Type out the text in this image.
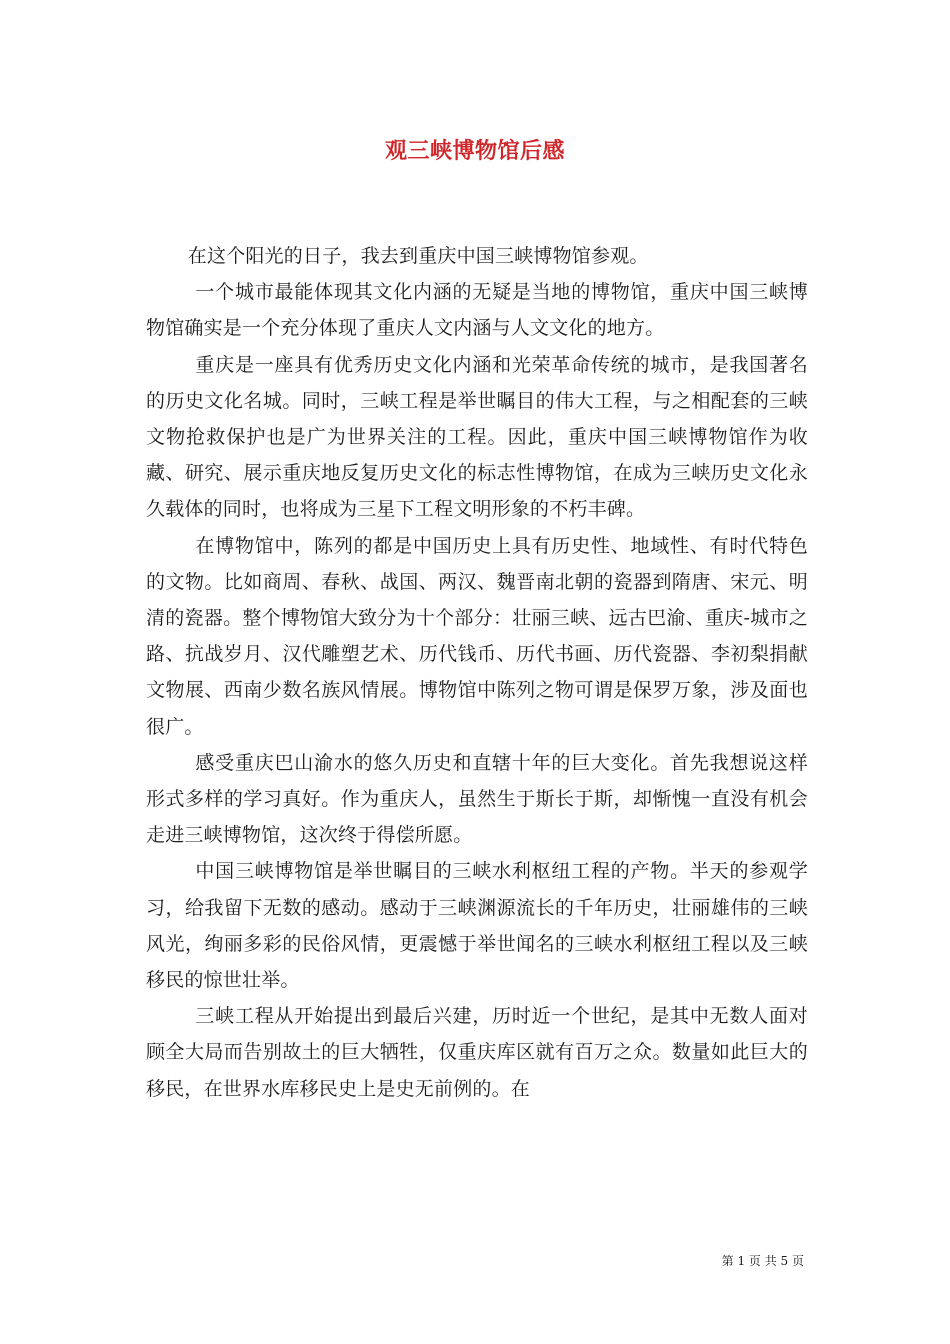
观三峡博物馆后感

在这个阳光的日子，我去到重庆中国三峡博物馆参观。

一个城市最能体现其文化内涵的无疑是当地的博物馆，重庆中国三峡博物馆确实是一个充分体现了重庆人文内涵与人文文化的地方。

重庆是一座具有优秀历史文化内涵和光荣革命传统的城市，是我国著名的历史文化名城。同时，三峡工程是举世瞩目的伟大工程，与之相配套的三峡文物抢救保护也是广为世界关注的工程。因此，重庆中国三峡博物馆作为收藏、研究、展示重庆地反复历史文化的标志性博物馆，在成为三峡历史文化永久载体的同时，也将成为三星下工程文明形象的不朽丰碑。

在博物馆中，陈列的都是中国历史上具有历史性、地域性、有时代特色的文物。比如商周、春秋、战国、两汉、魏晋南北朝的瓷器到隋唐、宋元、明清的瓷器。整个博物馆大致分为十个部分：壮丽三峡、远古巴渝、重庆-城市之路、抗战岁月、汉代雕塑艺术、历代钱币、历代书画、历代瓷器、李初梨捐献文物展、西南少数名族风情展。博物馆中陈列之物可谓是保罗万象，涉及面也很广。

感受重庆巴山渝水的悠久历史和直辖十年的巨大变化。首先我想说这样形式多样的学习真好。作为重庆人，虽然生于斯长于斯，却惭愧一直没有机会走进三峡博物馆，这次终于得偿所愿。

中国三峡博物馆是举世瞩目的三峡水利枢纽工程的产物。半天的参观学习，给我留下无数的感动。感动于三峡渊源流长的千年历史，壮丽雄伟的三峡风光，绚丽多彩的民俗风情，更震憾于举世闻名的三峡水利枢纽工程以及三峡移民的惊世壮举。

三峡工程从开始提出到最后兴建，历时近一个世纪，是其中无数人面对顾全大局而告别故土的巨大牺牲，仅重庆库区就有百万之众。数量如此巨大的移民，在世界水库移民史上是史无前例的。在

第 1 页 共 5 页
